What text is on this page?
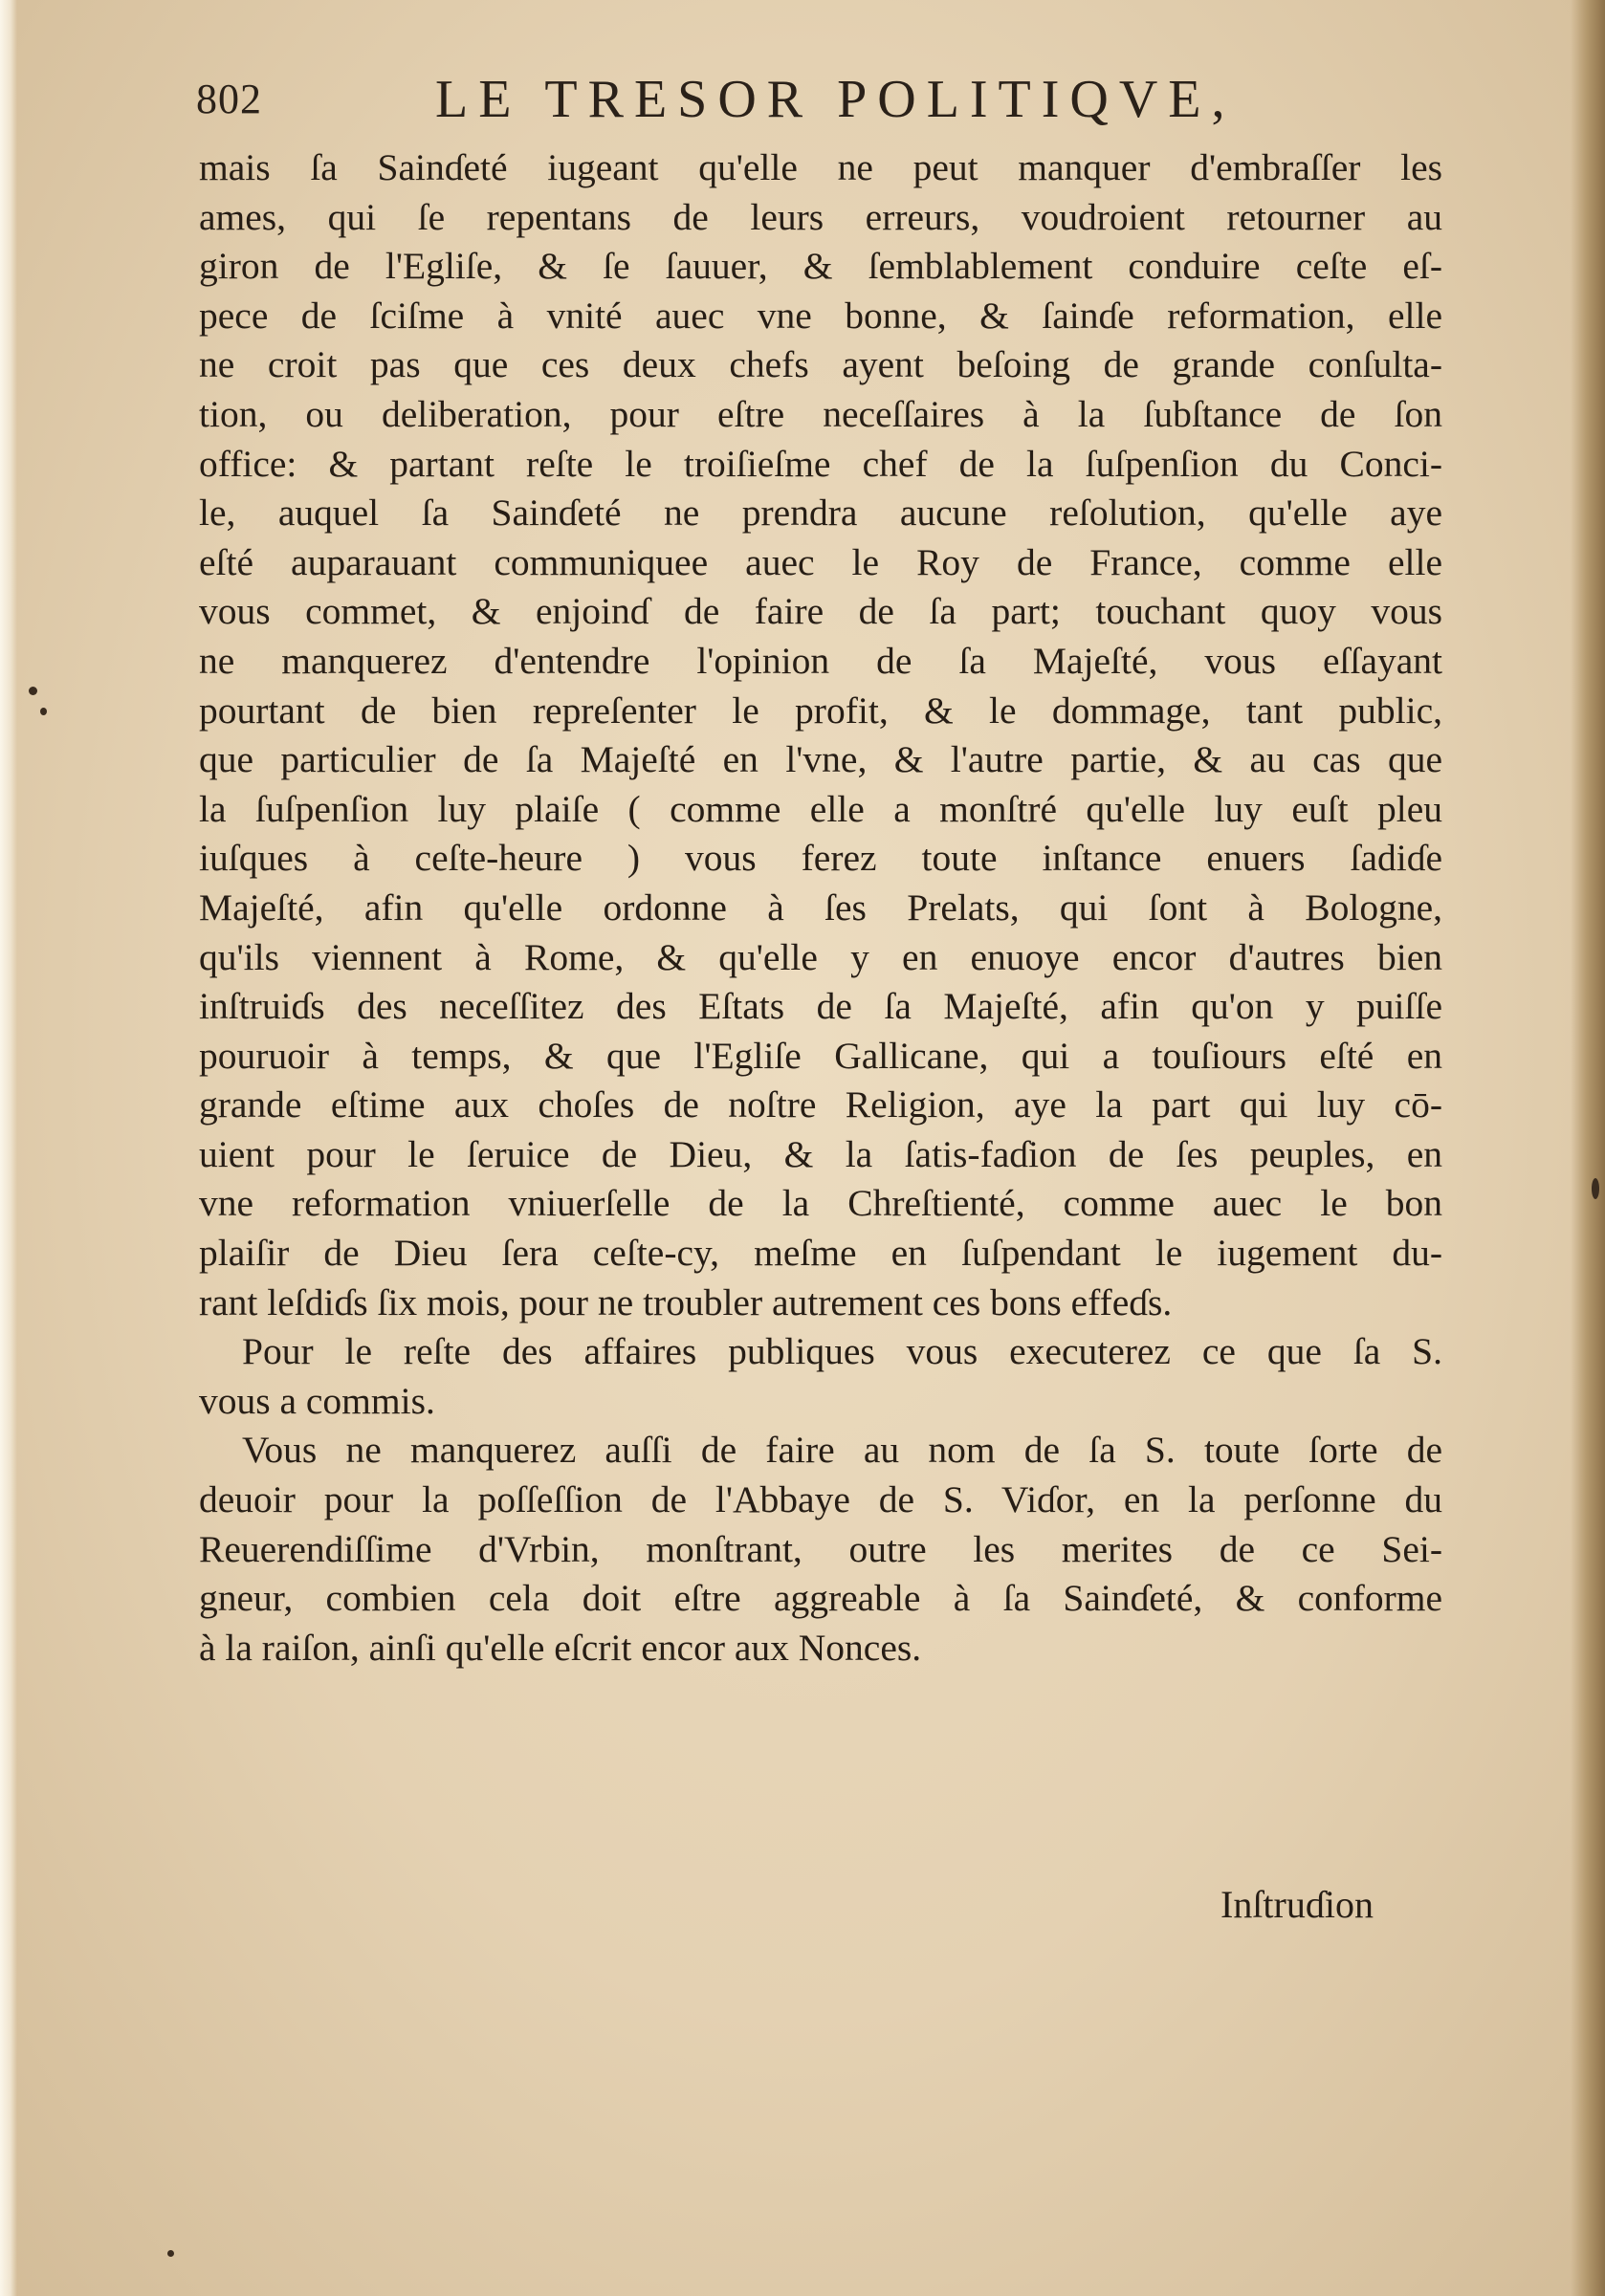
802	LE TRESOR POLITIQVE,
mais ſa Sainɗeté iugeant qu'elle ne peut manquer d'embraſſer les
ames, qui ſe repentans de leurs erreurs, voudroient retourner au
giron de l'Egliſe, & ſe ſauuer, & ſemblablement conduire ceſte eſ-
pece de ſciſme à vnité auec vne bonne, & ſainɗe reformation, elle
ne croit pas que ces deux chefs ayent beſoing de grande conſulta-
tion, ou deliberation, pour eſtre neceſſaires à la ſubſtance de ſon
office: & partant reſte le troiſieſme chef de la ſuſpenſion du Conci-
le, auquel ſa Sainɗeté ne prendra aucune reſolution, qu'elle aye
eſté auparauant communiquee auec le Roy de France, comme elle
vous commet, & enjoinɗ de faire de ſa part; touchant quoy vous
ne manquerez d'entendre l'opinion de ſa Majeſté, vous eſſayant
pourtant de bien repreſenter le profit, & le dommage, tant public,
que particulier de ſa Majeſté en l'vne, & l'autre partie, & au cas que
la ſuſpenſion luy plaiſe ( comme elle a monſtré qu'elle luy euſt pleu
iuſques à ceſte-heure ) vous ferez toute inſtance enuers ſadiɗe
Majeſté, afin qu'elle ordonne à ſes Prelats, qui ſont à Bologne,
qu'ils viennent à Rome, & qu'elle y en enuoye encor d'autres bien
inſtruiɗs des neceſſitez des Eſtats de ſa Majeſté, afin qu'on y puiſſe
pouruoir à temps, & que l'Egliſe Gallicane, qui a touſiours eſté en
grande eſtime aux choſes de noſtre Religion, aye la part qui luy cō-
uient pour le ſeruice de Dieu, & la ſatis-faɗion de ſes peuples, en
vne reformation vniuerſelle de la Chreſtienté, comme auec le bon
plaiſir de Dieu ſera ceſte-cy, meſme en ſuſpendant le iugement du-
rant leſdiɗs ſix mois, pour ne troubler autrement ces bons effeɗs.
Pour le reſte des affaires publiques vous executerez ce que ſa S.
vous a commis.
Vous ne manquerez auſſi de faire au nom de ſa S. toute ſorte de
deuoir pour la poſſeſſion de l'Abbaye de S. Viɗor, en la perſonne du
Reuerendiſſime d'Vrbin, monſtrant, outre les merites de ce Sei-
gneur, combien cela doit eſtre aggreable à ſa Sainɗeté, & conforme
à la raiſon, ainſi qu'elle eſcrit encor aux Nonces.
Inſtruɗion
